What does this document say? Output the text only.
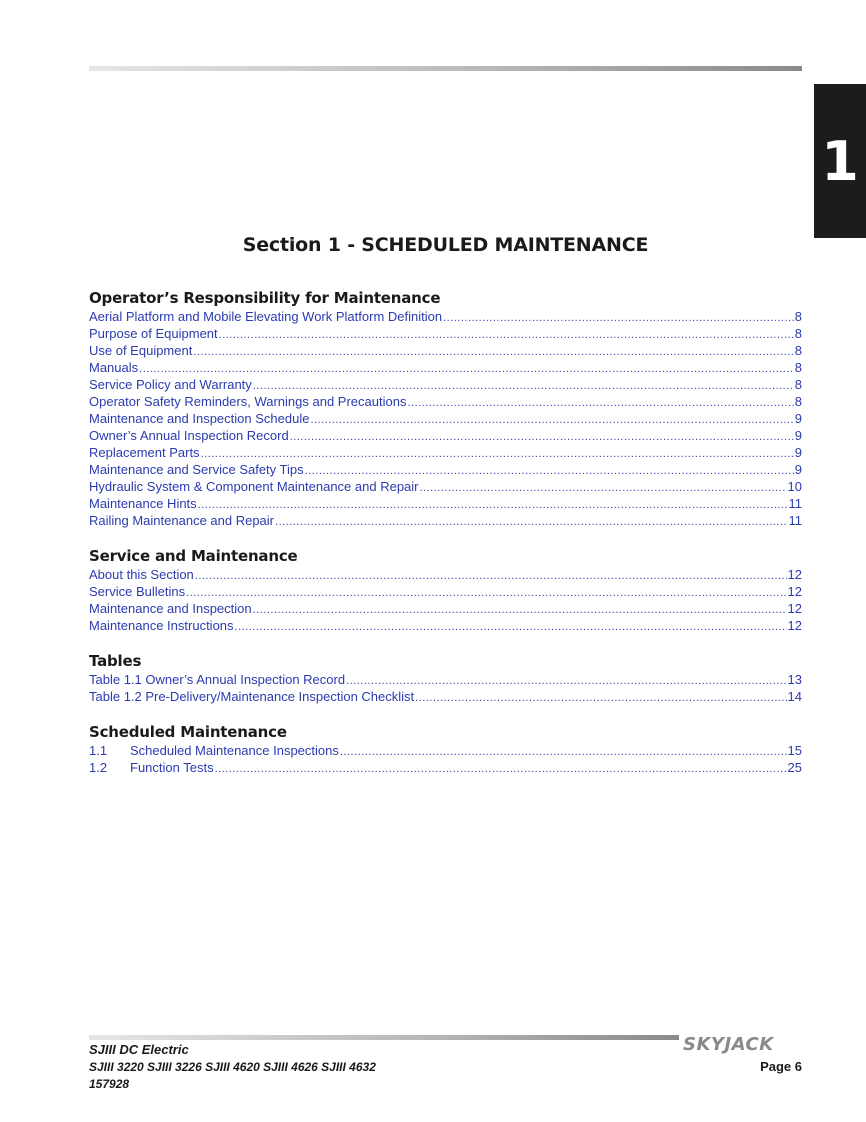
1
Section 1 - SCHEDULED MAINTENANCE
Operator’s Responsibility for Maintenance
Aerial Platform and Mobile Elevating Work Platform Definition .....	8
Purpose of Equipment .....	8
Use of Equipment .....	8
Manuals .....	8
Service Policy and Warranty .....	8
Operator Safety Reminders, Warnings and Precautions .....	8
Maintenance and Inspection Schedule .....	9
Owner’s Annual Inspection Record .....	9
Replacement Parts .....	9
Maintenance and Service Safety Tips .....	9
Hydraulic System & Component Maintenance and Repair .....	10
Maintenance Hints .....	11
Railing Maintenance and Repair .....	11
Service and Maintenance
About this Section .....	12
Service Bulletins .....	12
Maintenance and Inspection .....	12
Maintenance Instructions .....	12
Tables
Table 1.1 Owner’s Annual Inspection Record .....	13
Table 1.2 Pre-Delivery/Maintenance Inspection Checklist .....	14
Scheduled Maintenance
1.1	Scheduled Maintenance Inspections .....	15
1.2	Function Tests .....	25
SKYJACK
SJIII DC Electric
SJIII 3220 SJIII 3226 SJIII 4620 SJIII 4626 SJIII 4632
157928
Page 6
